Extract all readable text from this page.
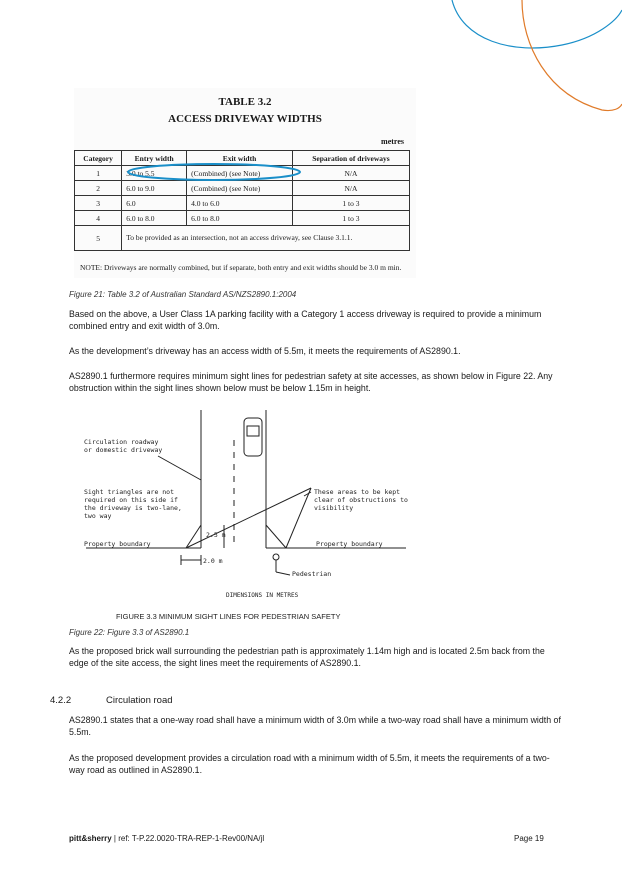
TABLE 3.2
ACCESS DRIVEWAY WIDTHS
metres
Category	Entry width	Exit width	Separation of driveways
1	3.0 to 5.5	(Combined) (see Note)	N/A
2	6.0 to 9.0	(Combined) (see Note)	N/A
3	6.0	4.0 to 6.0	1 to 3
4	6.0 to 8.0	6.0 to 8.0	1 to 3
5	To be provided as an intersection, not an access driveway, see Clause 3.1.1.		
NOTE: Driveways are normally combined, but if separate, both entry and exit widths should be 3.0 m min.
Figure 21: Table 3.2 of Australian Standard AS/NZS2890.1:2004
Based on the above, a User Class 1A parking facility with a Category 1 access driveway is required to provide a minimum combined entry and exit width of 3.0m.
As the development’s driveway has an access width of 5.5m, it meets the requirements of AS2890.1.
AS2890.1 furthermore requires minimum sight lines for pedestrian safety at site accesses, as shown below in Figure 22. Any obstruction within the sight lines shown below must be below 1.15m in height.
Circulation roadway
or domestic driveway
Sight triangles are not
required on this side if
the driveway is two-lane,
two way
These areas to be kept
clear of obstructions to
visibility
Property boundary	Property boundary
2.5 m
2.0 m
Pedestrian
DIMENSIONS IN METRES
FIGURE 3.3 MINIMUM SIGHT LINES FOR PEDESTRIAN SAFETY
Figure 22: Figure 3.3 of AS2890.1
As the proposed brick wall surrounding the pedestrian path is approximately 1.14m high and is located 2.5m back from the edge of the site access, the sight lines meet the requirements of AS2890.1.
4.2.2	Circulation road
AS2890.1 states that a one-way road shall have a minimum width of 3.0m while a two-way road shall have a minimum width of 5.5m.
As the proposed development provides a circulation road with a minimum width of 5.5m, it meets the requirements of a two-way road as outlined in AS2890.1.
pitt&sherry | ref: T-P.22.0020-TRA-REP-1-Rev00/NA/jl	Page 19
